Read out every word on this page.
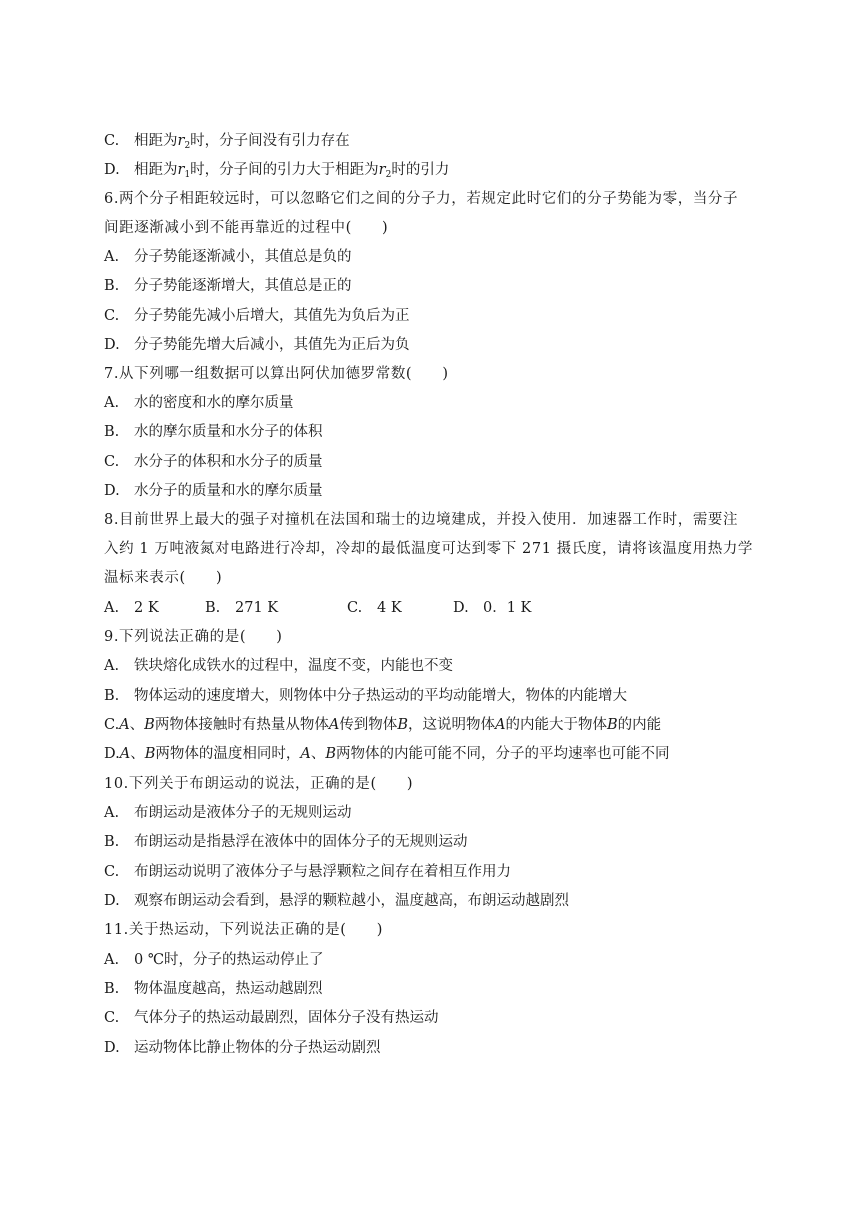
C. 相距为$r_2$时，分子间没有引力存在
D. 相距为$r_1$时，分子间的引力大于相距为$r_2$时的引力
6.两个分子相距较远时，可以忽略它们之间的分子力，若规定此时它们的分子势能为零，当分子
间距逐渐减小到不能再靠近的过程中(　　)
A. 分子势能逐渐减小，其值总是负的
B. 分子势能逐渐增大，其值总是正的
C. 分子势能先减小后增大，其值先为负后为正
D. 分子势能先增大后减小，其值先为正后为负
7.从下列哪一组数据可以算出阿伏加德罗常数(　　)
A. 水的密度和水的摩尔质量
B. 水的摩尔质量和水分子的体积
C. 水分子的体积和水分子的质量
D. 水分子的质量和水的摩尔质量
8.目前世界上最大的强子对撞机在法国和瑞士的边境建成，并投入使用．加速器工作时，需要注
入约 1 万吨液氮对电路进行冷却，冷却的最低温度可达到零下 271 摄氏度，请将该温度用热力学
温标来表示(　　)
A. 2 K	B. 271 K	C. 4 K	D. 0．1 K
9.下列说法正确的是(　　)
A. 铁块熔化成铁水的过程中，温度不变，内能也不变
B. 物体运动的速度增大，则物体中分子热运动的平均动能增大，物体的内能增大
C.A、B两物体接触时有热量从物体A传到物体B，这说明物体A的内能大于物体B的内能
D.A、B两物体的温度相同时，A、B两物体的内能可能不同，分子的平均速率也可能不同
10.下列关于布朗运动的说法，正确的是(　　)
A. 布朗运动是液体分子的无规则运动
B. 布朗运动是指悬浮在液体中的固体分子的无规则运动
C. 布朗运动说明了液体分子与悬浮颗粒之间存在着相互作用力
D. 观察布朗运动会看到，悬浮的颗粒越小，温度越高，布朗运动越剧烈
11.关于热运动，下列说法正确的是(　　)
A. 0 ℃时，分子的热运动停止了
B. 物体温度越高，热运动越剧烈
C. 气体分子的热运动最剧烈，固体分子没有热运动
D. 运动物体比静止物体的分子热运动剧烈
